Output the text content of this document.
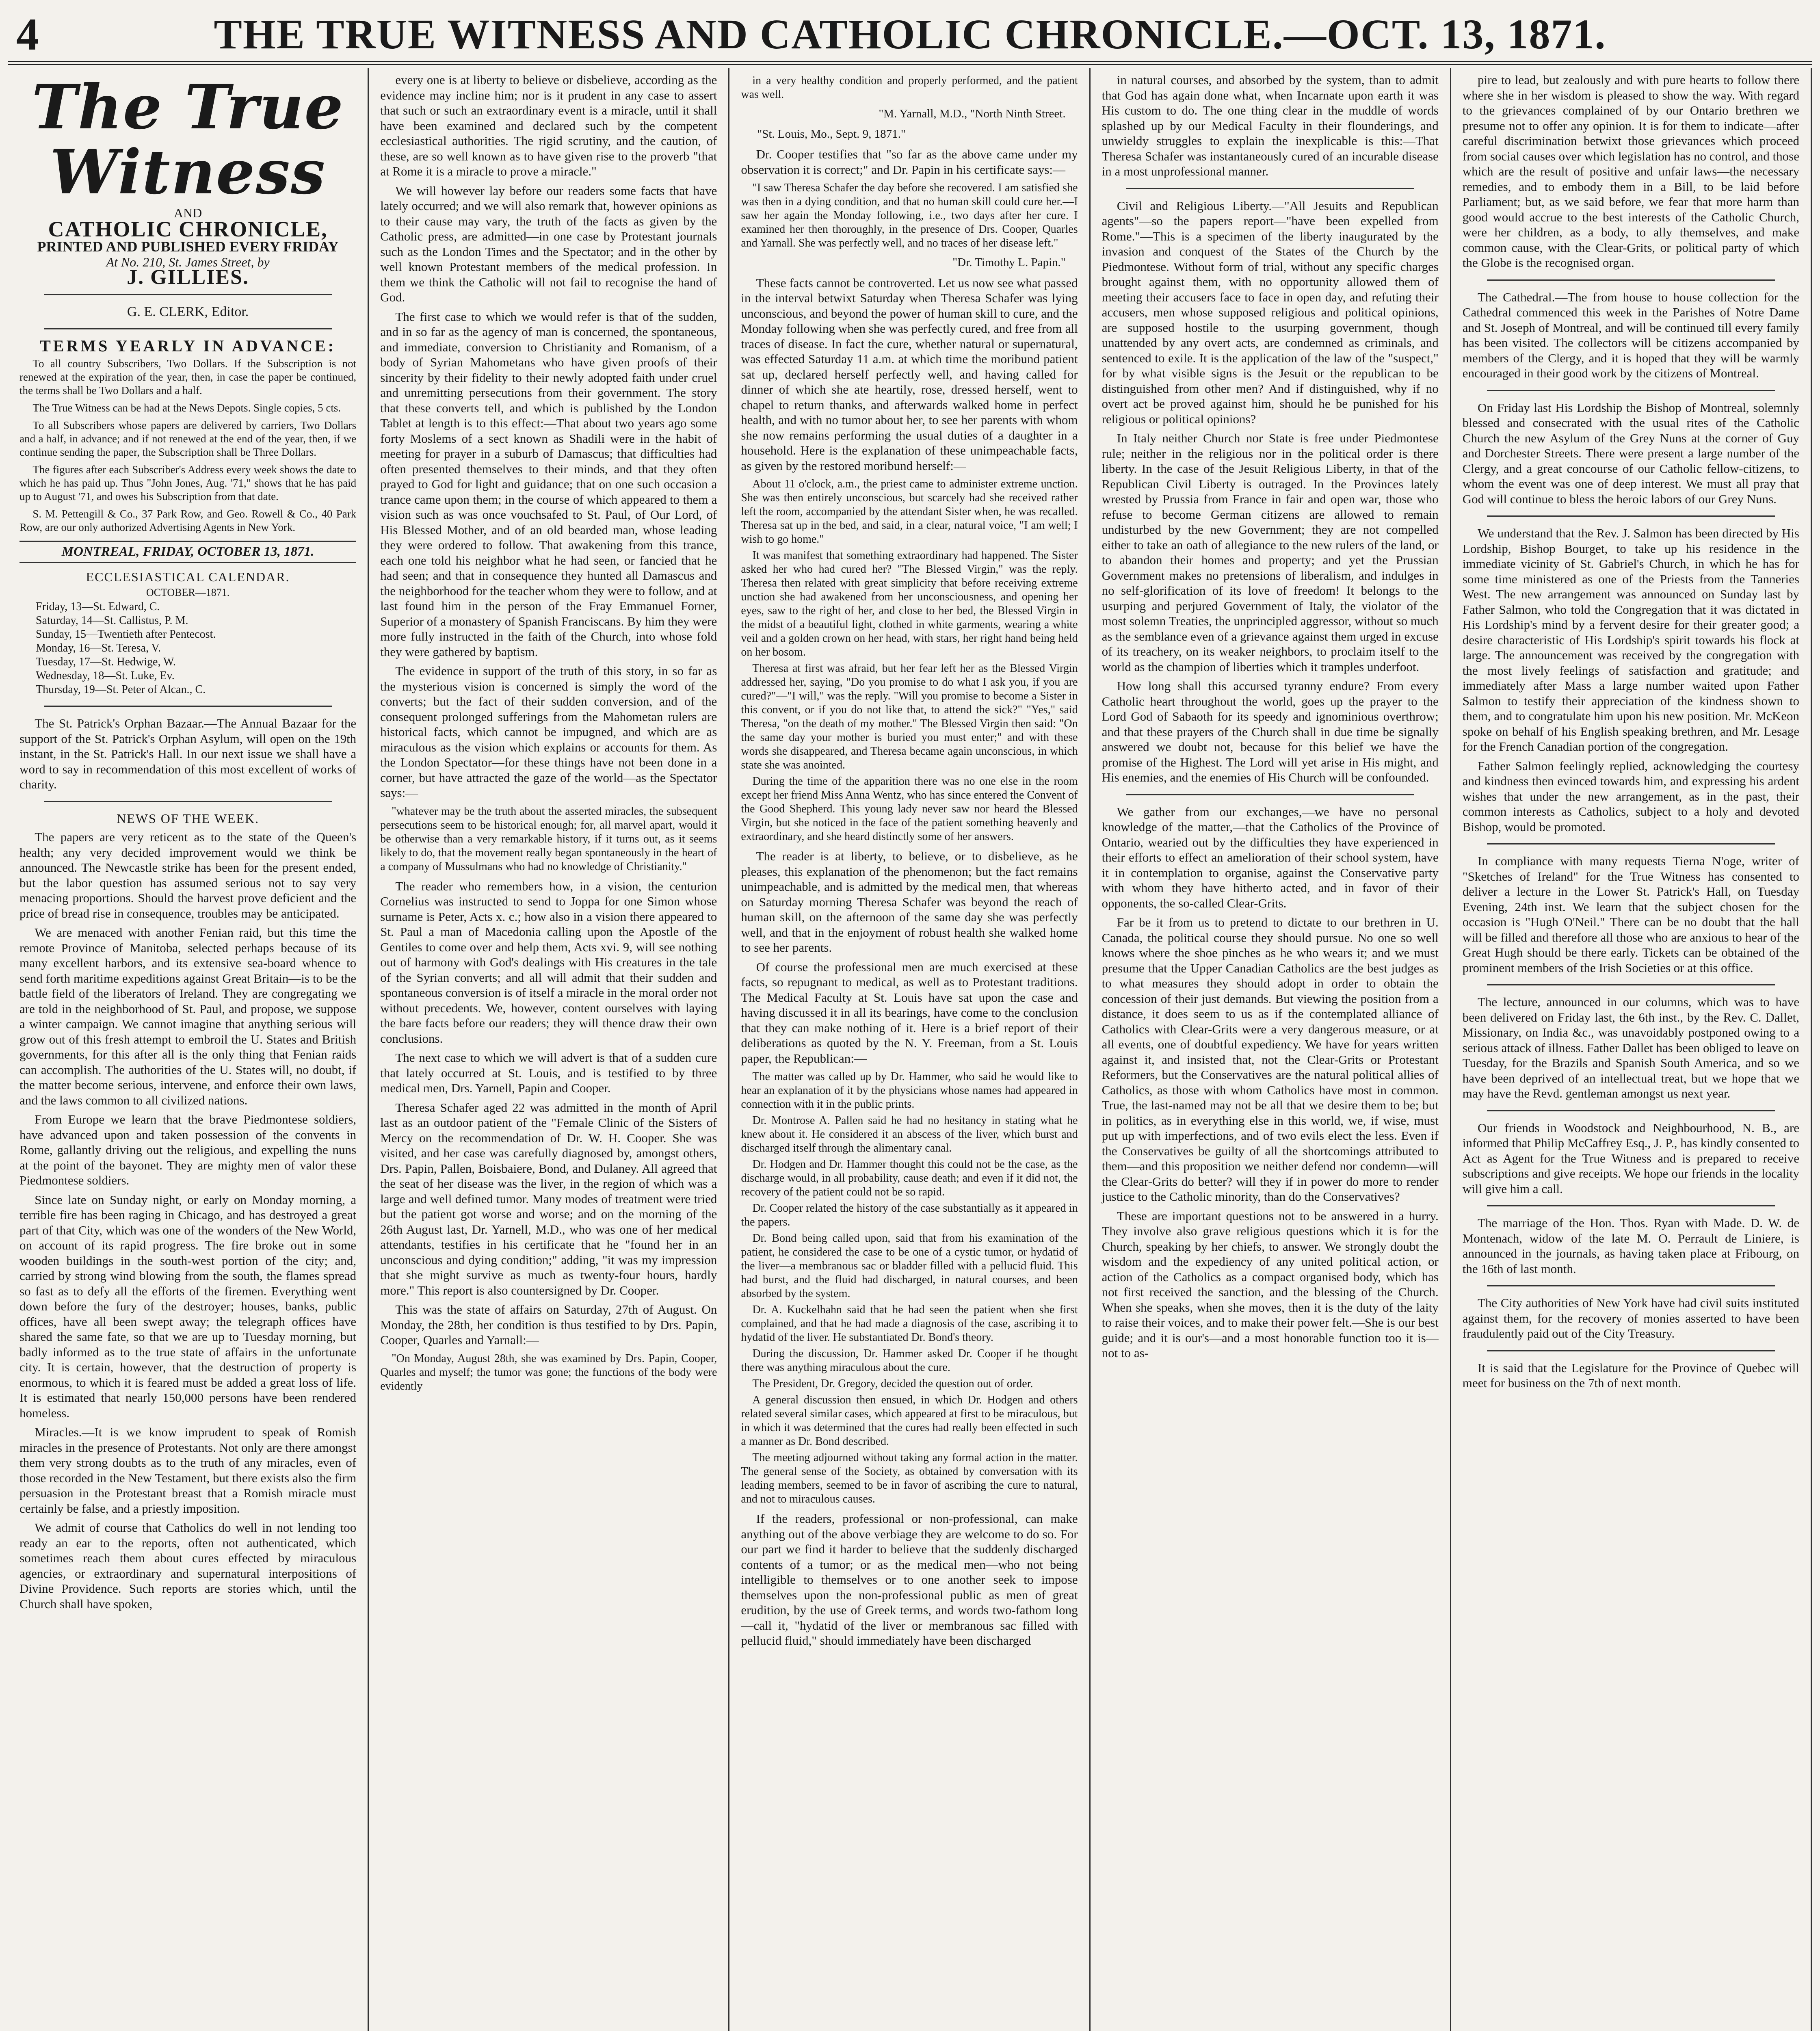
4	THE TRUE WITNESS AND CATHOLIC CHRONICLE.—OCT. 13, 1871.
The True Witness
AND
CATHOLIC CHRONICLE,
PRINTED AND PUBLISHED EVERY FRIDAY
At No. 210, St. James Street, by
J. GILLIES.
G. E. CLERK, Editor.
TERMS YEARLY IN ADVANCE:

To all country Subscribers, Two Dollars. If the Subscription is not renewed at the expiration of the year, then, in case the paper be continued, the terms shall be Two Dollars and a half.

The True Witness can be had at the News Depots. Single copies, 5 cts.

To all Subscribers whose papers are delivered by carriers, Two Dollars and a half, in advance; and if not renewed at the end of the year, then, if we continue sending the paper, the Subscription shall be Three Dollars.

The figures after each Subscriber's Address every week shows the date to which he has paid up. Thus "John Jones, Aug. '71," shows that he has paid up to August '71, and owes his Subscription from that date.

S. M. Pettengill & Co., 37 Park Row, and Geo. Rowell & Co., 40 Park Row, are our only authorized Advertising Agents in New York.

MONTREAL, FRIDAY, OCTOBER 13, 1871.
ECCLESIASTICAL CALENDAR.
OCTOBER—1871.
Friday, 13—St. Edward, C.
Saturday, 14—St. Callistus, P. M.
Sunday, 15—Twentieth after Pentecost.
Monday, 16—St. Teresa, V.
Tuesday, 17—St. Hedwige, W.
Wednesday, 18—St. Luke, Ev.
Thursday, 19—St. Peter of Alcan., C.

The St. Patrick's Orphan Bazaar.—The Annual Bazaar for the support of the St. Patrick's Orphan Asylum, will open on the 19th instant, in the St. Patrick's Hall. In our next issue we shall have a word to say in recommendation of this most excellent of works of charity.

NEWS OF THE WEEK.

The papers are very reticent as to the state of the Queen's health; any very decided improvement would we think be announced. The Newcastle strike has been for the present ended, but the labor question has assumed serious not to say very menacing proportions. Should the harvest prove deficient and the price of bread rise in consequence, troubles may be anticipated.

We are menaced with another Fenian raid, but this time the remote Province of Manitoba, selected perhaps because of its many excellent harbors, and its extensive sea-board whence to send forth maritime expeditions against Great Britain—is to be the battle field of the liberators of Ireland. They are congregating we are told in the neighborhood of St. Paul, and propose, we suppose a winter campaign. We cannot imagine that anything serious will grow out of this fresh attempt to embroil the U. States and British governments, for this after all is the only thing that Fenian raids can accomplish. The authorities of the U. States will, no doubt, if the matter become serious, intervene, and enforce their own laws, and the laws common to all civilized nations.

From Europe we learn that the brave Piedmontese soldiers, have advanced upon and taken possession of the convents in Rome, gallantly driving out the religious, and expelling the nuns at the point of the bayonet. They are mighty men of valor these Piedmontese soldiers.

Since late on Sunday night, or early on Monday morning, a terrible fire has been raging in Chicago, and has destroyed a great part of that City, which was one of the wonders of the New World, on account of its rapid progress. The fire broke out in some wooden buildings in the south-west portion of the city; and, carried by strong wind blowing from the south, the flames spread so fast as to defy all the efforts of the firemen. Everything went down before the fury of the destroyer; houses, banks, public offices, have all been swept away; the telegraph offices have shared the same fate, so that we are up to Tuesday morning, but badly informed as to the true state of affairs in the unfortunate city. It is certain, however, that the destruction of property is enormous, to which it is feared must be added a great loss of life. It is estimated that nearly 150,000 persons have been rendered homeless.

Miracles.—It is we know imprudent to speak of Romish miracles in the presence of Protestants. Not only are there amongst them very strong doubts as to the truth of any miracles, even of those recorded in the New Testament, but there exists also the firm persuasion in the Protestant breast that a Romish miracle must certainly be false, and a priestly imposition.

We admit of course that Catholics do well in not lending too ready an ear to the reports, often not authenticated, which sometimes reach them about cures effected by miraculous agencies, or extraordinary and supernatural interpositions of Divine Providence. Such reports are stories which, until the Church shall have spoken,

every one is at liberty to believe or disbelieve, according as the evidence may incline him; nor is it prudent in any case to assert that such or such an extraordinary event is a miracle, until it shall have been examined and declared such by the competent ecclesiastical authorities. The rigid scrutiny, and the caution, of these, are so well known as to have given rise to the proverb "that at Rome it is a miracle to prove a miracle."

We will however lay before our readers some facts that have lately occurred; and we will also remark that, however opinions as to their cause may vary, the truth of the facts as given by the Catholic press, are admitted—in one case by Protestant journals such as the London Times and the Spectator; and in the other by well known Protestant members of the medical profession. In them we think the Catholic will not fail to recognise the hand of God.

The first case to which we would refer is that of the sudden, and in so far as the agency of man is concerned, the spontaneous, and immediate, conversion to Christianity and Romanism, of a body of Syrian Mahometans who have given proofs of their sincerity by their fidelity to their newly adopted faith under cruel and unremitting persecutions from their government. The story that these converts tell, and which is published by the London Tablet at length is to this effect:—That about two years ago some forty Moslems of a sect known as Shadili were in the habit of meeting for prayer in a suburb of Damascus; that difficulties had often presented themselves to their minds, and that they often prayed to God for light and guidance; that on one such occasion a trance came upon them; in the course of which appeared to them a vision such as was once vouchsafed to St. Paul, of Our Lord, of His Blessed Mother, and of an old bearded man, whose leading they were ordered to follow. That awakening from this trance, each one told his neighbor what he had seen, or fancied that he had seen; and that in consequence they hunted all Damascus and the neighborhood for the teacher whom they were to follow, and at last found him in the person of the Fray Emmanuel Forner, Superior of a monastery of Spanish Franciscans. By him they were more fully instructed in the faith of the Church, into whose fold they were gathered by baptism.

The evidence in support of the truth of this story, in so far as the mysterious vision is concerned is simply the word of the converts; but the fact of their sudden conversion, and of the consequent prolonged sufferings from the Mahometan rulers are historical facts, which cannot be impugned, and which are as miraculous as the vision which explains or accounts for them. As the London Spectator—for these things have not been done in a corner, but have attracted the gaze of the world—as the Spectator says:—

"whatever may be the truth about the asserted miracles, the subsequent persecutions seem to be historical enough; for, all marvel apart, would it be otherwise than a very remarkable history, if it turns out, as it seems likely to do, that the movement really began spontaneously in the heart of a company of Mussulmans who had no knowledge of Christianity."

The reader who remembers how, in a vision, the centurion Cornelius was instructed to send to Joppa for one Simon whose surname is Peter, Acts x. c.; how also in a vision there appeared to St. Paul a man of Macedonia calling upon the Apostle of the Gentiles to come over and help them, Acts xvi. 9, will see nothing out of harmony with God's dealings with His creatures in the tale of the Syrian converts; and all will admit that their sudden and spontaneous conversion is of itself a miracle in the moral order not without precedents. We, however, content ourselves with laying the bare facts before our readers; they will thence draw their own conclusions.

The next case to which we will advert is that of a sudden cure that lately occurred at St. Louis, and is testified to by three medical men, Drs. Yarnell, Papin and Cooper.

Theresa Schafer aged 22 was admitted in the month of April last as an outdoor patient of the "Female Clinic of the Sisters of Mercy on the recommendation of Dr. W. H. Cooper. She was visited, and her case was carefully diagnosed by, amongst others, Drs. Papin, Pallen, Boisbaiere, Bond, and Dulaney. All agreed that the seat of her disease was the liver, in the region of which was a large and well defined tumor. Many modes of treatment were tried but the patient got worse and worse; and on the morning of the 26th August last, Dr. Yarnell, M.D., who was one of her medical attendants, testifies in his certificate that he "found her in an unconscious and dying condition;" adding, "it was my impression that she might survive as much as twenty-four hours, hardly more." This report is also countersigned by Dr. Cooper.

This was the state of affairs on Saturday, 27th of August. On Monday, the 28th, her condition is thus testified to by Drs. Papin, Cooper, Quarles and Yarnall:—

"On Monday, August 28th, she was examined by Drs. Papin, Cooper, Quarles and myself; the tumor was gone; the functions of the body were evidently

in a very healthy condition and properly performed, and the patient was well.

"M. Yarnall, M.D., "North Ninth Street.
"St. Louis, Mo., Sept. 9, 1871."

Dr. Cooper testifies that "so far as the above came under my observation it is correct;" and Dr. Papin in his certificate says:—

"I saw Theresa Schafer the day before she recovered. I am satisfied she was then in a dying condition, and that no human skill could cure her.—I saw her again the Monday following, i.e., two days after her cure. I examined her then thoroughly, in the presence of Drs. Cooper, Quarles and Yarnall. She was perfectly well, and no traces of her disease left."

"Dr. Timothy L. Papin."

These facts cannot be controverted. Let us now see what passed in the interval betwixt Saturday when Theresa Schafer was lying unconscious, and beyond the power of human skill to cure, and the Monday following when she was perfectly cured, and free from all traces of disease. In fact the cure, whether natural or supernatural, was effected Saturday 11 a.m. at which time the moribund patient sat up, declared herself perfectly well, and having called for dinner of which she ate heartily, rose, dressed herself, went to chapel to return thanks, and afterwards walked home in perfect health, and with no tumor about her, to see her parents with whom she now remains performing the usual duties of a daughter in a household. Here is the explanation of these unimpeachable facts, as given by the restored moribund herself:—

About 11 o'clock, a.m., the priest came to administer extreme unction. She was then entirely unconscious, but scarcely had she received rather left the room, accompanied by the attendant Sister when, he was recalled. Theresa sat up in the bed, and said, in a clear, natural voice, "I am well; I wish to go home."

It was manifest that something extraordinary had happened. The Sister asked her who had cured her? "The Blessed Virgin," was the reply. Theresa then related with great simplicity that before receiving extreme unction she had awakened from her unconsciousness, and opening her eyes, saw to the right of her, and close to her bed, the Blessed Virgin in the midst of a beautiful light, clothed in white garments, wearing a white veil and a golden crown on her head, with stars, her right hand being held on her bosom.

Theresa at first was afraid, but her fear left her as the Blessed Virgin addressed her, saying, "Do you promise to do what I ask you, if you are cured?"—"I will," was the reply. "Will you promise to become a Sister in this convent, or if you do not like that, to attend the sick?" "Yes," said Theresa, "on the death of my mother." The Blessed Virgin then said: "On the same day your mother is buried you must enter;" and with these words she disappeared, and Theresa became again unconscious, in which state she was anointed.

During the time of the apparition there was no one else in the room except her friend Miss Anna Wentz, who has since entered the Convent of the Good Shepherd. This young lady never saw nor heard the Blessed Virgin, but she noticed in the face of the patient something heavenly and extraordinary, and she heard distinctly some of her answers.

The reader is at liberty, to believe, or to disbelieve, as he pleases, this explanation of the phenomenon; but the fact remains unimpeachable, and is admitted by the medical men, that whereas on Saturday morning Theresa Schafer was beyond the reach of human skill, on the afternoon of the same day she was perfectly well, and that in the enjoyment of robust health she walked home to see her parents.

Of course the professional men are much exercised at these facts, so repugnant to medical, as well as to Protestant traditions. The Medical Faculty at St. Louis have sat upon the case and having discussed it in all its bearings, have come to the conclusion that they can make nothing of it. Here is a brief report of their deliberations as quoted by the N. Y. Freeman, from a St. Louis paper, the Republican:—

The matter was called up by Dr. Hammer, who said he would like to hear an explanation of it by the physicians whose names had appeared in connection with it in the public prints.

Dr. Montrose A. Pallen said he had no hesitancy in stating what he knew about it. He considered it an abscess of the liver, which burst and discharged itself through the alimentary canal.

Dr. Hodgen and Dr. Hammer thought this could not be the case, as the discharge would, in all probability, cause death; and even if it did not, the recovery of the patient could not be so rapid.

Dr. Cooper related the history of the case substantially as it appeared in the papers.

Dr. Bond being called upon, said that from his examination of the patient, he considered the case to be one of a cystic tumor, or hydatid of the liver—a membranous sac or bladder filled with a pellucid fluid. This had burst, and the fluid had discharged, in natural courses, and been absorbed by the system.

Dr. A. Kuckelhahn said that he had seen the patient when she first complained, and that he had made a diagnosis of the case, ascribing it to hydatid of the liver. He substantiated Dr. Bond's theory.

During the discussion, Dr. Hammer asked Dr. Cooper if he thought there was anything miraculous about the cure.

The President, Dr. Gregory, decided the question out of order.

A general discussion then ensued, in which Dr. Hodgen and others related several similar cases, which appeared at first to be miraculous, but in which it was determined that the cures had really been effected in such a manner as Dr. Bond described.

The meeting adjourned without taking any formal action in the matter. The general sense of the Society, as obtained by conversation with its leading members, seemed to be in favor of ascribing the cure to natural, and not to miraculous causes.

If the readers, professional or non-professional, can make anything out of the above verbiage they are welcome to do so. For our part we find it harder to believe that the suddenly discharged contents of a tumor; or as the medical men—who not being intelligible to themselves or to one another seek to impose themselves upon the non-professional public as men of great erudition, by the use of Greek terms, and words two-fathom long—call it, "hydatid of the liver or membranous sac filled with pellucid fluid," should immediately have been discharged

in natural courses, and absorbed by the system, than to admit that God has again done what, when Incarnate upon earth it was His custom to do. The one thing clear in the muddle of words splashed up by our Medical Faculty in their flounderings, and unwieldy struggles to explain the inexplicable is this:—That Theresa Schafer was instantaneously cured of an incurable disease in a most unprofessional manner.

Civil and Religious Liberty.—"All Jesuits and Republican agents"—so the papers report—"have been expelled from Rome."—This is a specimen of the liberty inaugurated by the invasion and conquest of the States of the Church by the Piedmontese. Without form of trial, without any specific charges brought against them, with no opportunity allowed them of meeting their accusers face to face in open day, and refuting their accusers, men whose supposed religious and political opinions, are supposed hostile to the usurping government, though unattended by any overt acts, are condemned as criminals, and sentenced to exile. It is the application of the law of the "suspect," for by what visible signs is the Jesuit or the republican to be distinguished from other men? And if distinguished, why if no overt act be proved against him, should he be punished for his religious or political opinions?

In Italy neither Church nor State is free under Piedmontese rule; neither in the religious nor in the political order is there liberty. In the case of the Jesuit Religious Liberty, in that of the Republican Civil Liberty is outraged. In the Provinces lately wrested by Prussia from France in fair and open war, those who refuse to become German citizens are allowed to remain undisturbed by the new Government; they are not compelled either to take an oath of allegiance to the new rulers of the land, or to abandon their homes and property; and yet the Prussian Government makes no pretensions of liberalism, and indulges in no self-glorification of its love of freedom! It belongs to the usurping and perjured Government of Italy, the violator of the most solemn Treaties, the unprincipled aggressor, without so much as the semblance even of a grievance against them urged in excuse of its treachery, on its weaker neighbors, to proclaim itself to the world as the champion of liberties which it tramples underfoot.

How long shall this accursed tyranny endure? From every Catholic heart throughout the world, goes up the prayer to the Lord God of Sabaoth for its speedy and ignominious overthrow; and that these prayers of the Church shall in due time be signally answered we doubt not, because for this belief we have the promise of the Highest. The Lord will yet arise in His might, and His enemies, and the enemies of His Church will be confounded.

We gather from our exchanges,—we have no personal knowledge of the matter,—that the Catholics of the Province of Ontario, wearied out by the difficulties they have experienced in their efforts to effect an amelioration of their school system, have it in contemplation to organise, against the Conservative party with whom they have hitherto acted, and in favor of their opponents, the so-called Clear-Grits.

Far be it from us to pretend to dictate to our brethren in U. Canada, the political course they should pursue. No one so well knows where the shoe pinches as he who wears it; and we must presume that the Upper Canadian Catholics are the best judges as to what measures they should adopt in order to obtain the concession of their just demands. But viewing the position from a distance, it does seem to us as if the contemplated alliance of Catholics with Clear-Grits were a very dangerous measure, or at all events, one of doubtful expediency. We have for years written against it, and insisted that, not the Clear-Grits or Protestant Reformers, but the Conservatives are the natural political allies of Catholics, as those with whom Catholics have most in common. True, the last-named may not be all that we desire them to be; but in politics, as in everything else in this world, we, if wise, must put up with imperfections, and of two evils elect the less. Even if the Conservatives be guilty of all the shortcomings attributed to them—and this proposition we neither defend nor condemn—will the Clear-Grits do better? will they if in power do more to render justice to the Catholic minority, than do the Conservatives?

These are important questions not to be answered in a hurry. They involve also grave religious questions which it is for the Church, speaking by her chiefs, to answer. We strongly doubt the wisdom and the expediency of any united political action, or action of the Catholics as a compact organised body, which has not first received the sanction, and the blessing of the Church. When she speaks, when she moves, then it is the duty of the laity to raise their voices, and to make their power felt.—She is our best guide; and it is our's—and a most honorable function too it is—not to as-

pire to lead, but zealously and with pure hearts to follow there where she in her wisdom is pleased to show the way. With regard to the grievances complained of by our Ontario brethren we presume not to offer any opinion. It is for them to indicate—after careful discrimination betwixt those grievances which proceed from social causes over which legislation has no control, and those which are the result of positive and unfair laws—the necessary remedies, and to embody them in a Bill, to be laid before Parliament; but, as we said before, we fear that more harm than good would accrue to the best interests of the Catholic Church, were her children, as a body, to ally themselves, and make common cause, with the Clear-Grits, or political party of which the Globe is the recognised organ.

The Cathedral.—The from house to house collection for the Cathedral commenced this week in the Parishes of Notre Dame and St. Joseph of Montreal, and will be continued till every family has been visited. The collectors will be citizens accompanied by members of the Clergy, and it is hoped that they will be warmly encouraged in their good work by the citizens of Montreal.

On Friday last His Lordship the Bishop of Montreal, solemnly blessed and consecrated with the usual rites of the Catholic Church the new Asylum of the Grey Nuns at the corner of Guy and Dorchester Streets. There were present a large number of the Clergy, and a great concourse of our Catholic fellow-citizens, to whom the event was one of deep interest. We must all pray that God will continue to bless the heroic labors of our Grey Nuns.

We understand that the Rev. J. Salmon has been directed by His Lordship, Bishop Bourget, to take up his residence in the immediate vicinity of St. Gabriel's Church, in which he has for some time ministered as one of the Priests from the Tanneries West. The new arrangement was announced on Sunday last by Father Salmon, who told the Congregation that it was dictated in His Lordship's mind by a fervent desire for their greater good; a desire characteristic of His Lordship's spirit towards his flock at large. The announcement was received by the congregation with the most lively feelings of satisfaction and gratitude; and immediately after Mass a large number waited upon Father Salmon to testify their appreciation of the kindness shown to them, and to congratulate him upon his new position. Mr. McKeon spoke on behalf of his English speaking brethren, and Mr. Lesage for the French Canadian portion of the congregation.

Father Salmon feelingly replied, acknowledging the courtesy and kindness then evinced towards him, and expressing his ardent wishes that under the new arrangement, as in the past, their common interests as Catholics, subject to a holy and devoted Bishop, would be promoted.

In compliance with many requests Tierna N'oge, writer of "Sketches of Ireland" for the True Witness has consented to deliver a lecture in the Lower St. Patrick's Hall, on Tuesday Evening, 24th inst. We learn that the subject chosen for the occasion is "Hugh O'Neil." There can be no doubt that the hall will be filled and therefore all those who are anxious to hear of the Great Hugh should be there early. Tickets can be obtained of the prominent members of the Irish Societies or at this office.

The lecture, announced in our columns, which was to have been delivered on Friday last, the 6th inst., by the Rev. C. Dallet, Missionary, on India &c., was unavoidably postponed owing to a serious attack of illness. Father Dallet has been obliged to leave on Tuesday, for the Brazils and Spanish South America, and so we have been deprived of an intellectual treat, but we hope that we may have the Revd. gentleman amongst us next year.

Our friends in Woodstock and Neighbourhood, N. B., are informed that Philip McCaffrey Esq., J. P., has kindly consented to Act as Agent for the True Witness and is prepared to receive subscriptions and give receipts. We hope our friends in the locality will give him a call.

The marriage of the Hon. Thos. Ryan with Made. D. W. de Montenach, widow of the late M. O. Perrault de Liniere, is announced in the journals, as having taken place at Fribourg, on the 16th of last month.

The City authorities of New York have had civil suits instituted against them, for the recovery of monies asserted to have been fraudulently paid out of the City Treasury.

It is said that the Legislature for the Province of Quebec will meet for business on the 7th of next month.
